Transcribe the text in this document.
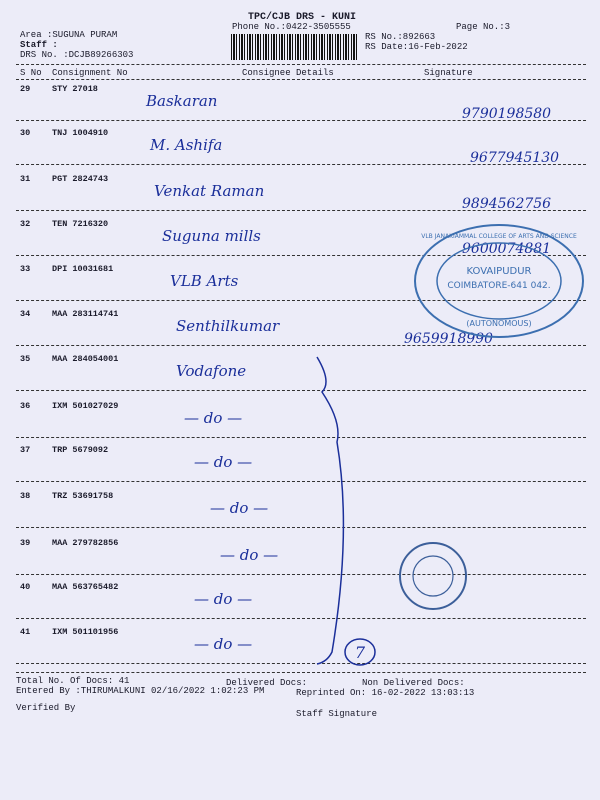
TPC/CJB DRS - KUNI
Phone No.:0422-3505555	Page No.:3
Area :SUGUNA PURAM
Staff :
DRS No. :DCJB89266303
RS No.:892663
RS Date:16-Feb-2022
S No Consignment No	Consignee Details	Signature
29	STY 27018
Baskaran
9790198580
30	TNJ 1004910
M. Ashifa
9677945130
31	PGT 2824743
Venkat Raman
9894562756
32	TEN 7216320
Suguna mills
9600074881
33	DPI 10031681
VLB Arts
34	MAA 283114741
Senthilkumar
9659918990
35	MAA 284054001
Vodafone
36	IXM 501027029
— do —
37	TRP 5679092
— do —
38	TRZ 53691758
— do —
39	MAA 279782856
— do —
40	MAA 563765482
— do —
41	IXM 501101956
— do —
KOVAIPUDUR
COIMBATORE-641 042.
(AUTONOMOUS)
VLB JANAKIAMMAL COLLEGE OF ARTS AND SCIENCE
7
Total No. Of Docs: 41	Delivered Docs:	Non Delivered Docs:
Entered By :THIRUMALKUNI 02/16/2022 1:02:23 PM	Reprinted On: 16-02-2022 13:03:13
Verified By
Staff Signature
